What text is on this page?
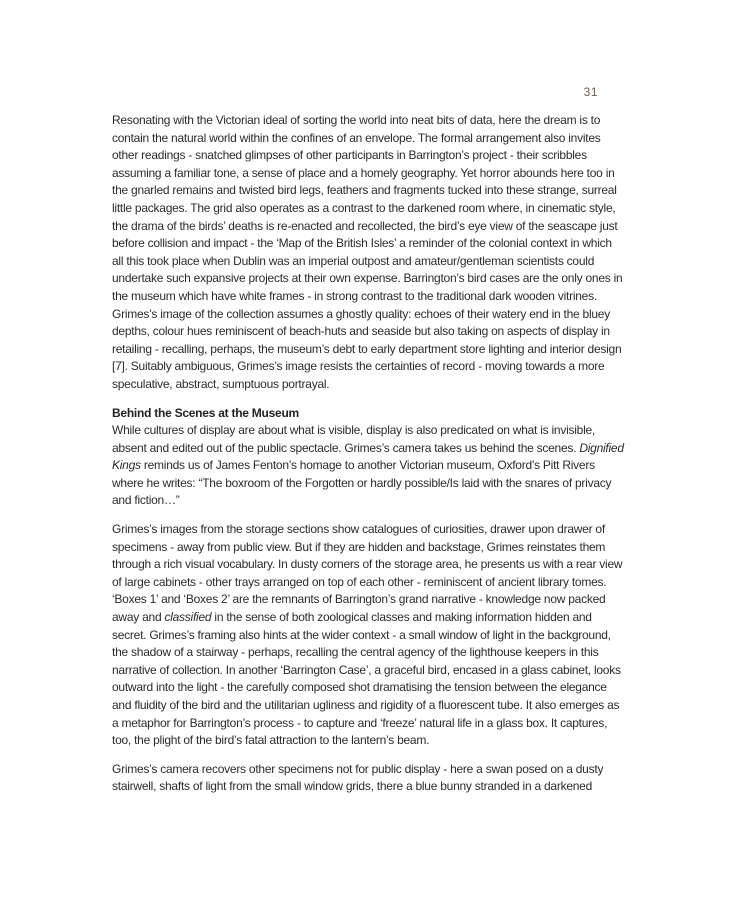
31

Resonating with the Victorian ideal of sorting the world into neat bits of data, here the dream is to contain the natural world within the confines of an envelope. The formal arrangement also invites other readings - snatched glimpses of other participants in Barrington’s project - their scribbles assuming a familiar tone, a sense of place and a homely geography. Yet horror abounds here too in the gnarled remains and twisted bird legs, feathers and fragments tucked into these strange, surreal little packages. The grid also operates as a contrast to the darkened room where, in cinematic style, the drama of the birds’ deaths is re-enacted and recollected, the bird’s eye view of the seascape just before collision and impact - the ‘Map of the British Isles’ a reminder of the colonial context in which all this took place when Dublin was an imperial outpost and amateur/gentleman scientists could undertake such expansive projects at their own expense. Barrington’s bird cases are the only ones in the museum which have white frames - in strong contrast to the traditional dark wooden vitrines. Grimes’s image of the collection assumes a ghostly quality: echoes of their watery end in the bluey depths, colour hues reminiscent of beach-huts and seaside but also taking on aspects of display in retailing - recalling, perhaps, the museum’s debt to early department store lighting and interior design [7]. Suitably ambiguous, Grimes’s image resists the certainties of record - moving towards a more speculative, abstract, sumptuous portrayal.

Behind the Scenes at the Museum

While cultures of display are about what is visible, display is also predicated on what is invisible, absent and edited out of the public spectacle. Grimes’s camera takes us behind the scenes. Dignified Kings reminds us of James Fenton’s homage to another Victorian museum, Oxford’s Pitt Rivers where he writes: “The boxroom of the Forgotten or hardly possible/Is laid with the snares of privacy and fiction…”

Grimes’s images from the storage sections show catalogues of curiosities, drawer upon drawer of specimens - away from public view. But if they are hidden and backstage, Grimes reinstates them through a rich visual vocabulary. In dusty corners of the storage area, he presents us with a rear view of large cabinets - other trays arranged on top of each other - reminiscent of ancient library tomes. ‘Boxes 1’ and ‘Boxes 2’ are the remnants of Barrington’s grand narrative - knowledge now packed away and classified in the sense of both zoological classes and making information hidden and secret. Grimes’s framing also hints at the wider context - a small window of light in the background, the shadow of a stairway - perhaps, recalling the central agency of the lighthouse keepers in this narrative of collection. In another ‘Barrington Case’, a graceful bird, encased in a glass cabinet, looks outward into the light - the carefully composed shot dramatising the tension between the elegance and fluidity of the bird and the utilitarian ugliness and rigidity of a fluorescent tube. It also emerges as a metaphor for Barrington’s process - to capture and ‘freeze’ natural life in a glass box. It captures, too, the plight of the bird’s fatal attraction to the lantern’s beam.

Grimes’s camera recovers other specimens not for public display - here a swan posed on a dusty stairwell, shafts of light from the small window grids, there a blue bunny stranded in a darkened
